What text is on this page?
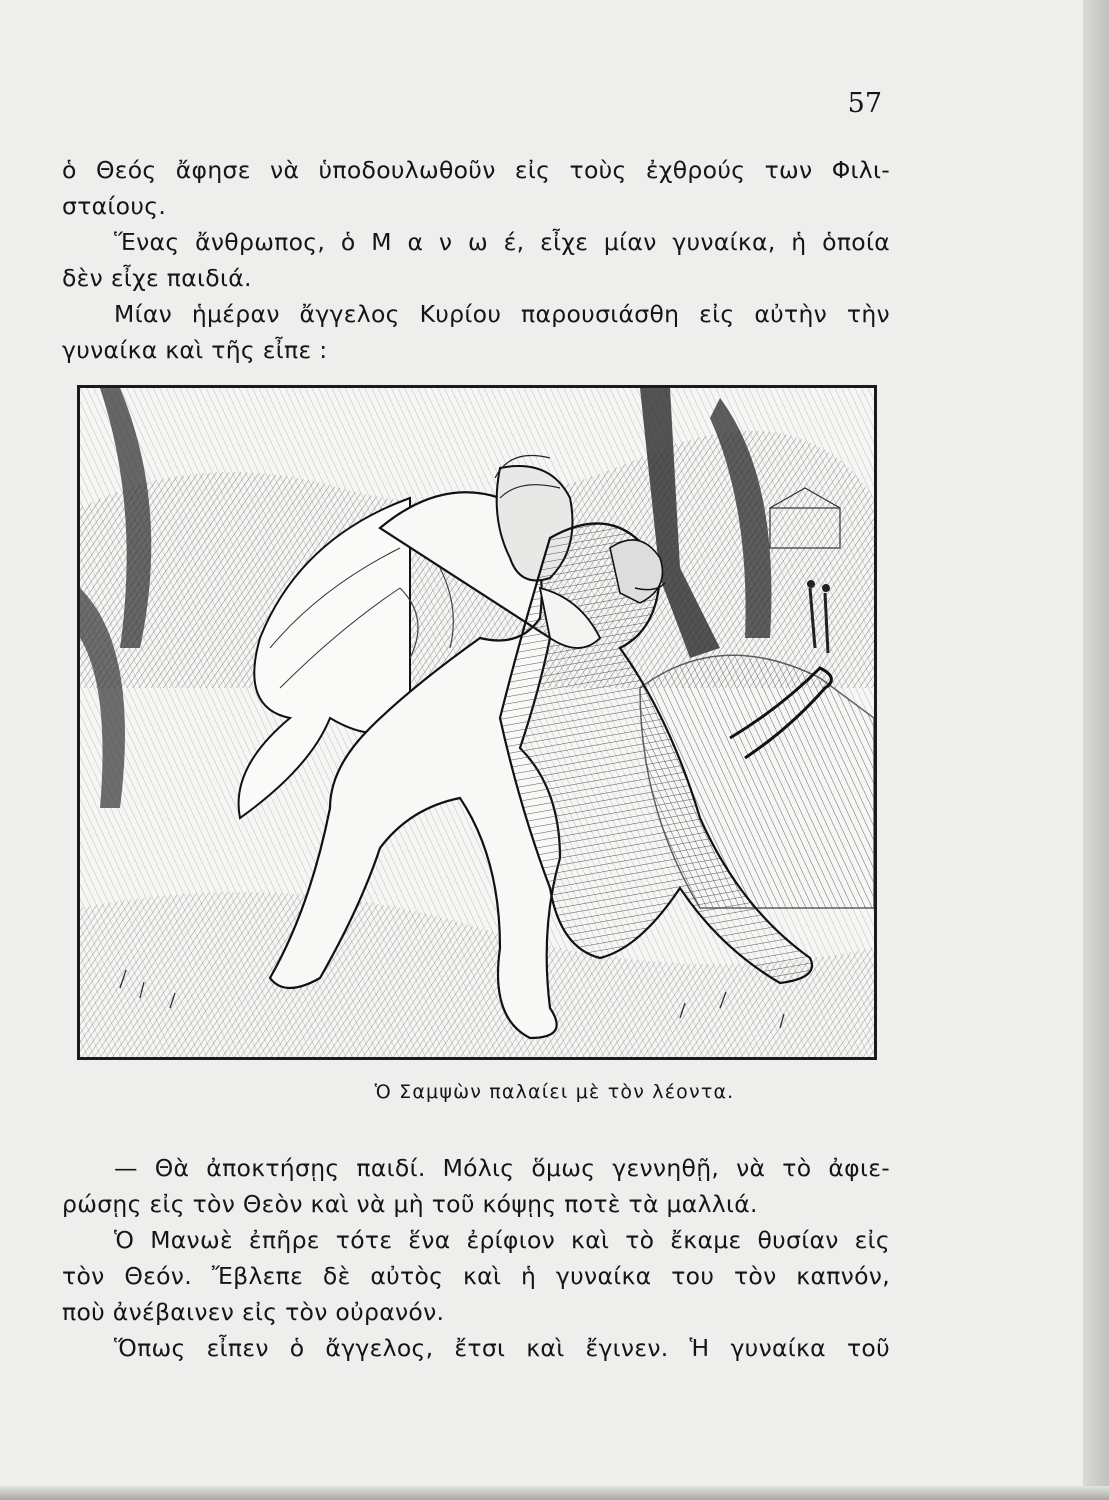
57
ὁ Θεός ἄφησε νὰ ὑποδουλωθοῦν εἰς τοὺς ἐχθρούς των Φιλι-
σταίους.
Ἕνας ἄνθρωπος, ὁ Μ α ν ω έ, εἶχε μίαν γυναίκα, ἡ ὁποία
δὲν εἶχε παιδιά.
Μίαν ἡμέραν ἄγγελος Κυρίου παρουσιάσθη εἰς αὐτὴν τὴν
γυναίκα καὶ τῆς εἶπε :
Ὁ Σαμψὼν παλαίει μὲ τὸν λέοντα.
— Θὰ ἀποκτήσῃς παιδί. Μόλις ὅμως γεννηθῇ, νὰ τὸ ἀφιε-
ρώσῃς εἰς τὸν Θεὸν καὶ νὰ μὴ τοῦ κόψῃς ποτὲ τὰ μαλλιά.
Ὁ Μανωὲ ἐπῆρε τότε ἕνα ἐρίφιον καὶ τὸ ἔκαμε θυσίαν εἰς
τὸν Θεόν. Ἔβλεπε δὲ αὐτὸς καὶ ἡ γυναίκα του τὸν καπνόν,
ποὺ ἀνέβαινεν εἰς τὸν οὐρανόν.
Ὅπως εἶπεν ὁ ἄγγελος, ἔτσι καὶ ἔγινεν. Ἡ γυναίκα τοῦ
